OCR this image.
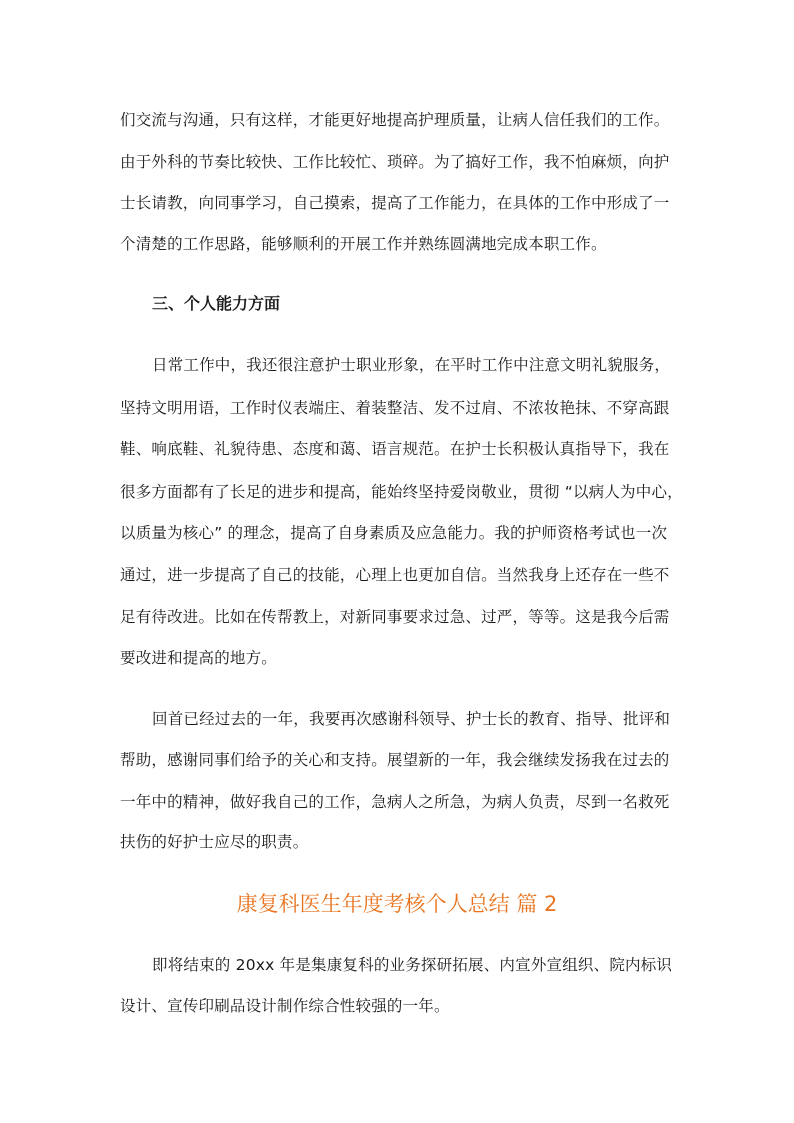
们交流与沟通，只有这样，才能更好地提高护理质量，让病人信任我们的工作。
由于外科的节奏比较快、工作比较忙、琐碎。为了搞好工作，我不怕麻烦，向护
士长请教，向同事学习，自己摸索，提高了工作能力，在具体的工作中形成了一
个清楚的工作思路，能够顺利的开展工作并熟练圆满地完成本职工作。
三、个人能力方面
日常工作中，我还很注意护士职业形象，在平时工作中注意文明礼貌服务，
坚持文明用语，工作时仪表端庄、着装整洁、发不过肩、不浓妆艳抹、不穿高跟
鞋、响底鞋、礼貌待患、态度和蔼、语言规范。在护士长积极认真指导下，我在
很多方面都有了长足的进步和提高，能始终坚持爱岗敬业，贯彻 “以病人为中心，
以质量为核心” 的理念，提高了自身素质及应急能力。我的护师资格考试也一次
通过，进一步提高了自己的技能，心理上也更加自信。当然我身上还存在一些不
足有待改进。比如在传帮教上，对新同事要求过急、过严，等等。这是我今后需
要改进和提高的地方。
回首已经过去的一年，我要再次感谢科领导、护士长的教育、指导、批评和
帮助，感谢同事们给予的关心和支持。展望新的一年，我会继续发扬我在过去的
一年中的精神，做好我自己的工作，急病人之所急，为病人负责，尽到一名救死
扶伤的好护士应尽的职责。
康复科医生年度考核个人总结 篇 2
即将结束的 20xx 年是集康复科的业务探研拓展、内宣外宣组织、院内标识
设计、宣传印刷品设计制作综合性较强的一年。
